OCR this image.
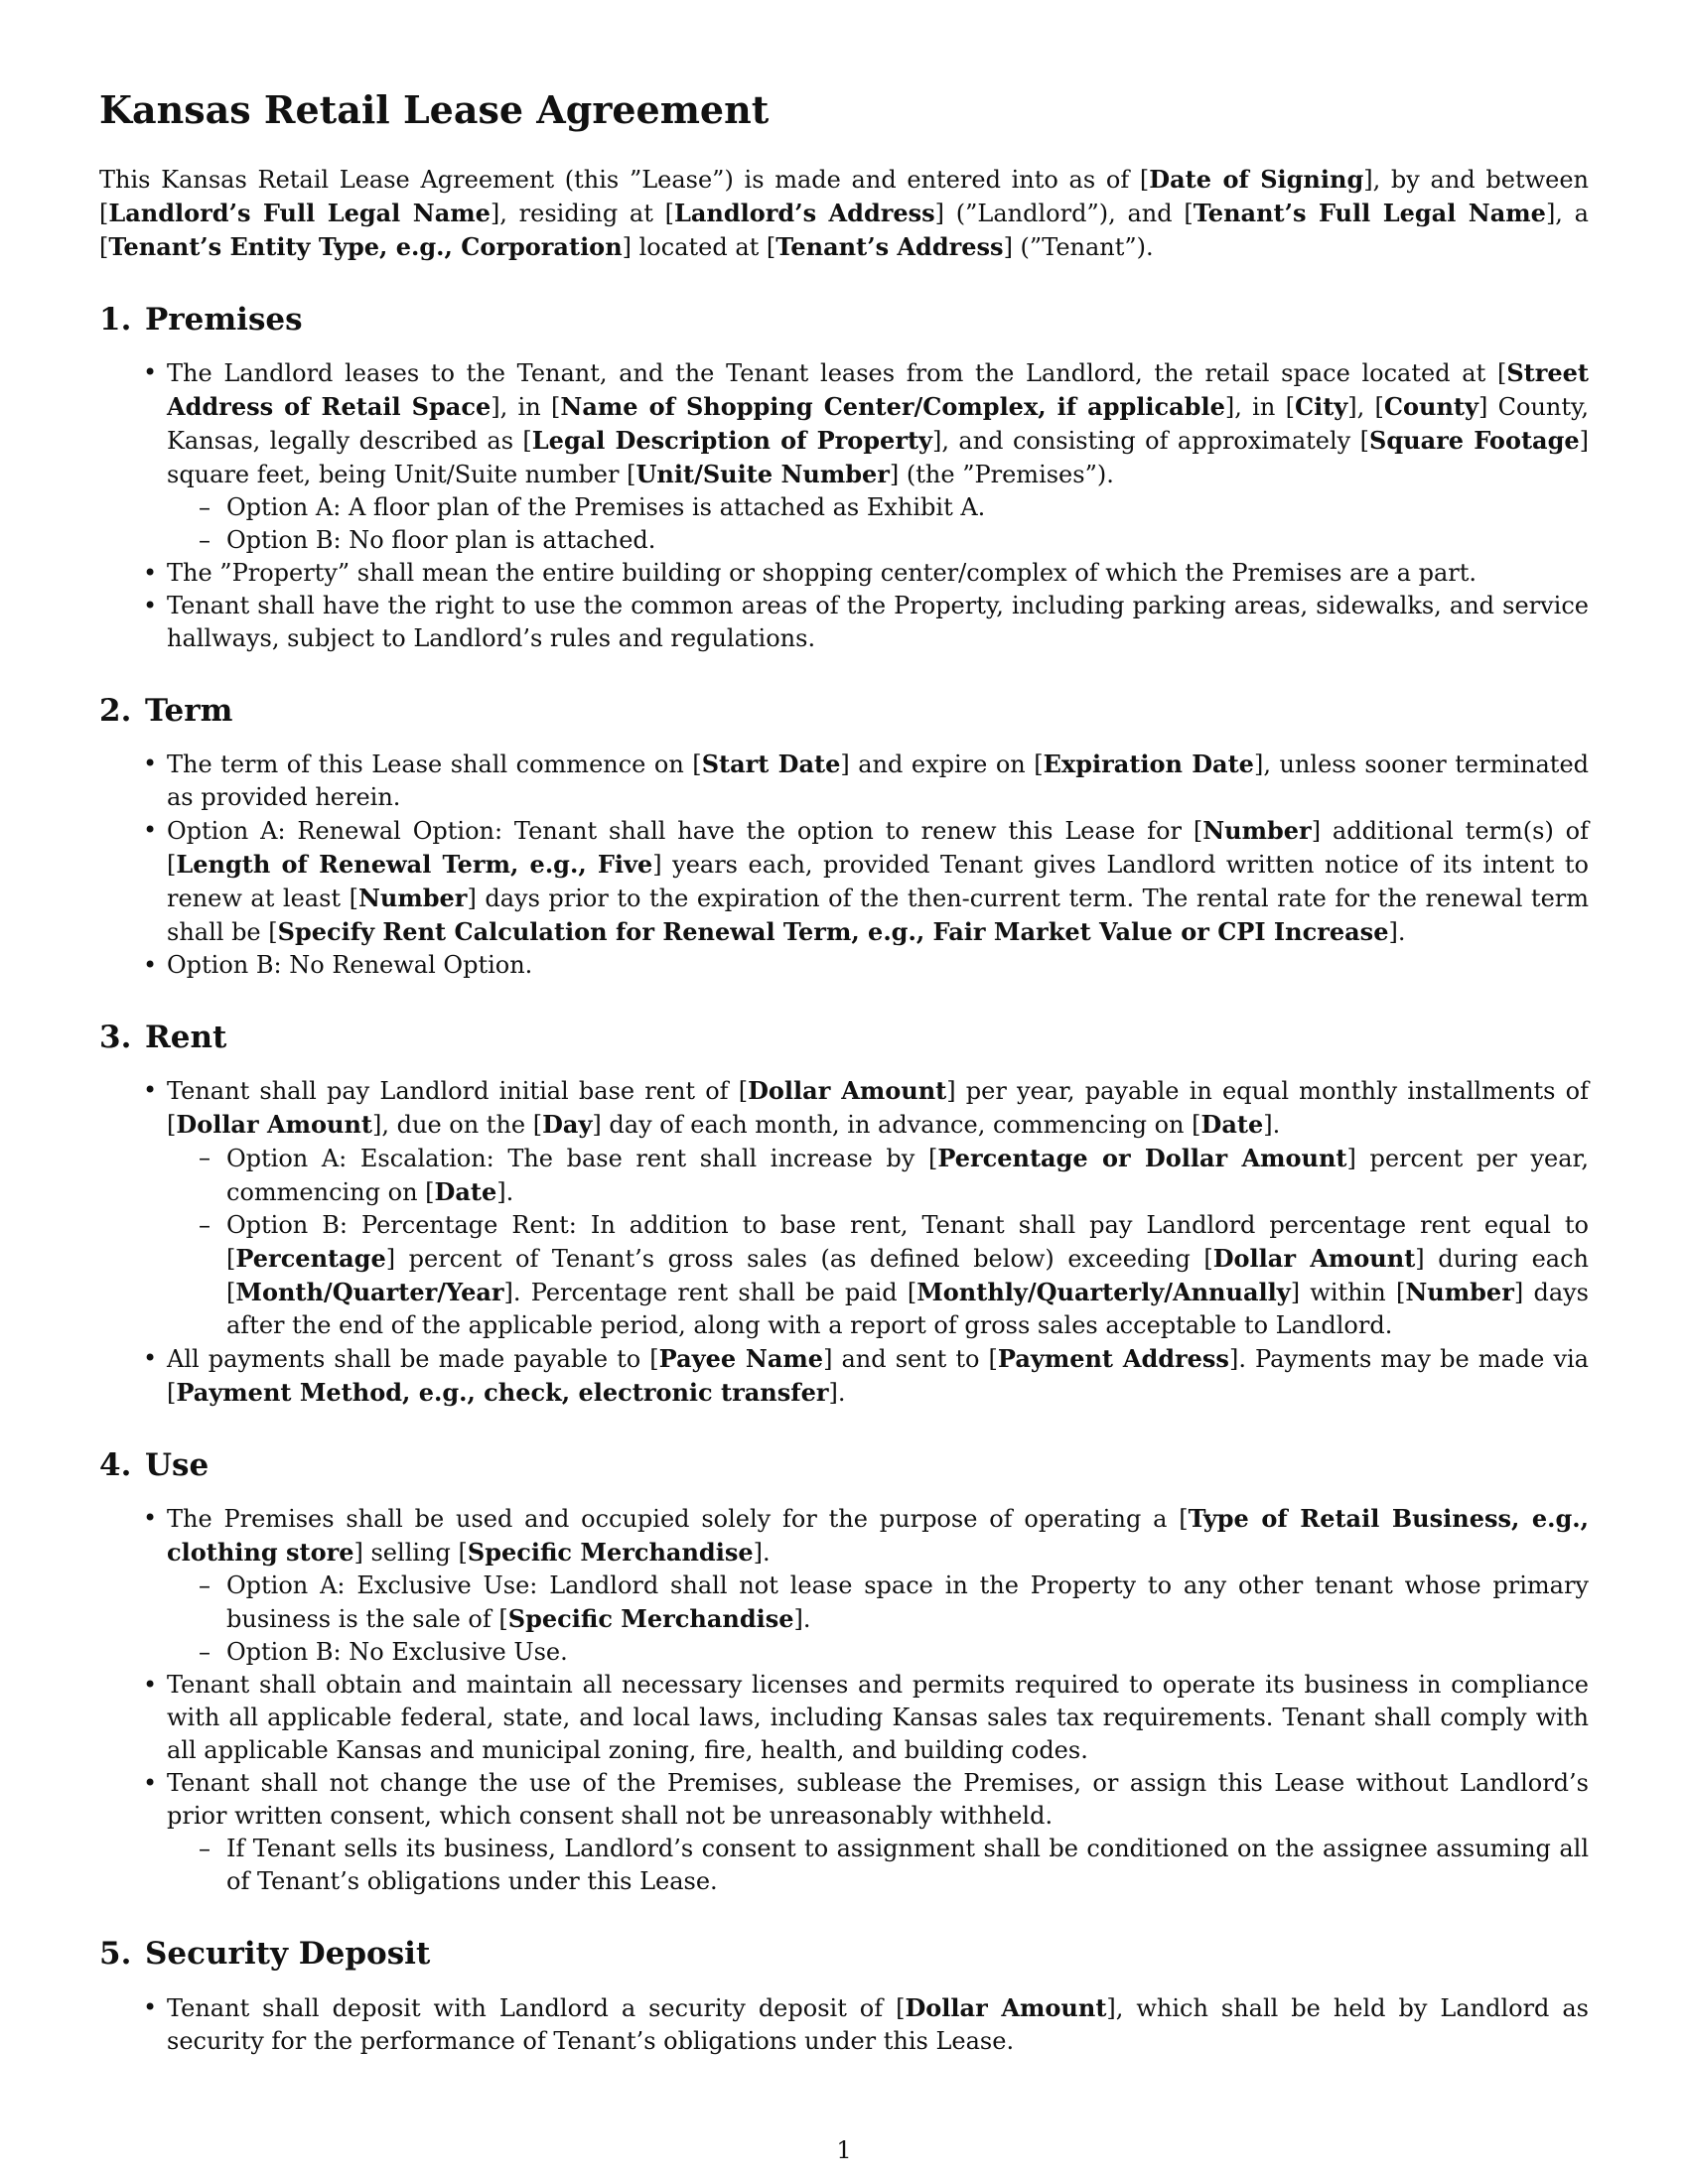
Kansas Retail Lease Agreement

This Kansas Retail Lease Agreement (this ”Lease”) is made and entered into as of [Date of Signing], by and between [Landlord’s Full Legal Name], residing at [Landlord’s Address] (”Landlord”), and [Tenant’s Full Legal Name], a [Tenant’s Entity Type, e.g., Corporation] located at [Tenant’s Address] (”Tenant”).

1. Premises
• The Landlord leases to the Tenant, and the Tenant leases from the Landlord, the retail space located at [Street Address of Retail Space], in [Name of Shopping Center/Complex, if applicable], in [City], [County] County, Kansas, legally described as [Legal Description of Property], and consisting of approximately [Square Footage] square feet, being Unit/Suite number [Unit/Suite Number] (the ”Premises”).
– Option A: A floor plan of the Premises is attached as Exhibit A.
– Option B: No floor plan is attached.
• The ”Property” shall mean the entire building or shopping center/complex of which the Premises are a part.
• Tenant shall have the right to use the common areas of the Property, including parking areas, sidewalks, and service hallways, subject to Landlord’s rules and regulations.
2. Term
• The term of this Lease shall commence on [Start Date] and expire on [Expiration Date], unless sooner terminated as provided herein.
• Option A: Renewal Option: Tenant shall have the option to renew this Lease for [Number] additional term(s) of [Length of Renewal Term, e.g., Five] years each, provided Tenant gives Landlord written notice of its intent to renew at least [Number] days prior to the expiration of the then-current term. The rental rate for the renewal term shall be [Specify Rent Calculation for Renewal Term, e.g., Fair Market Value or CPI Increase].
• Option B: No Renewal Option.
3. Rent
• Tenant shall pay Landlord initial base rent of [Dollar Amount] per year, payable in equal monthly installments of [Dollar Amount], due on the [Day] day of each month, in advance, commencing on [Date].
– Option A: Escalation: The base rent shall increase by [Percentage or Dollar Amount] percent per year, commencing on [Date].
– Option B: Percentage Rent: In addition to base rent, Tenant shall pay Landlord percentage rent equal to [Percentage] percent of Tenant’s gross sales (as defined below) exceeding [Dollar Amount] during each [Month/Quarter/Year]. Percentage rent shall be paid [Monthly/Quarterly/Annually] within [Number] days after the end of the applicable period, along with a report of gross sales acceptable to Landlord.
• All payments shall be made payable to [Payee Name] and sent to [Payment Address]. Payments may be made via [Payment Method, e.g., check, electronic transfer].
4. Use
• The Premises shall be used and occupied solely for the purpose of operating a [Type of Retail Business, e.g., clothing store] selling [Specific Merchandise].
– Option A: Exclusive Use: Landlord shall not lease space in the Property to any other tenant whose primary business is the sale of [Specific Merchandise].
– Option B: No Exclusive Use.
• Tenant shall obtain and maintain all necessary licenses and permits required to operate its business in compliance with all applicable federal, state, and local laws, including Kansas sales tax requirements. Tenant shall comply with all applicable Kansas and municipal zoning, fire, health, and building codes.
• Tenant shall not change the use of the Premises, sublease the Premises, or assign this Lease without Landlord’s prior written consent, which consent shall not be unreasonably withheld.
– If Tenant sells its business, Landlord’s consent to assignment shall be conditioned on the assignee assuming all of Tenant’s obligations under this Lease.
5. Security Deposit
• Tenant shall deposit with Landlord a security deposit of [Dollar Amount], which shall be held by Landlord as security for the performance of Tenant’s obligations under this Lease.
1
